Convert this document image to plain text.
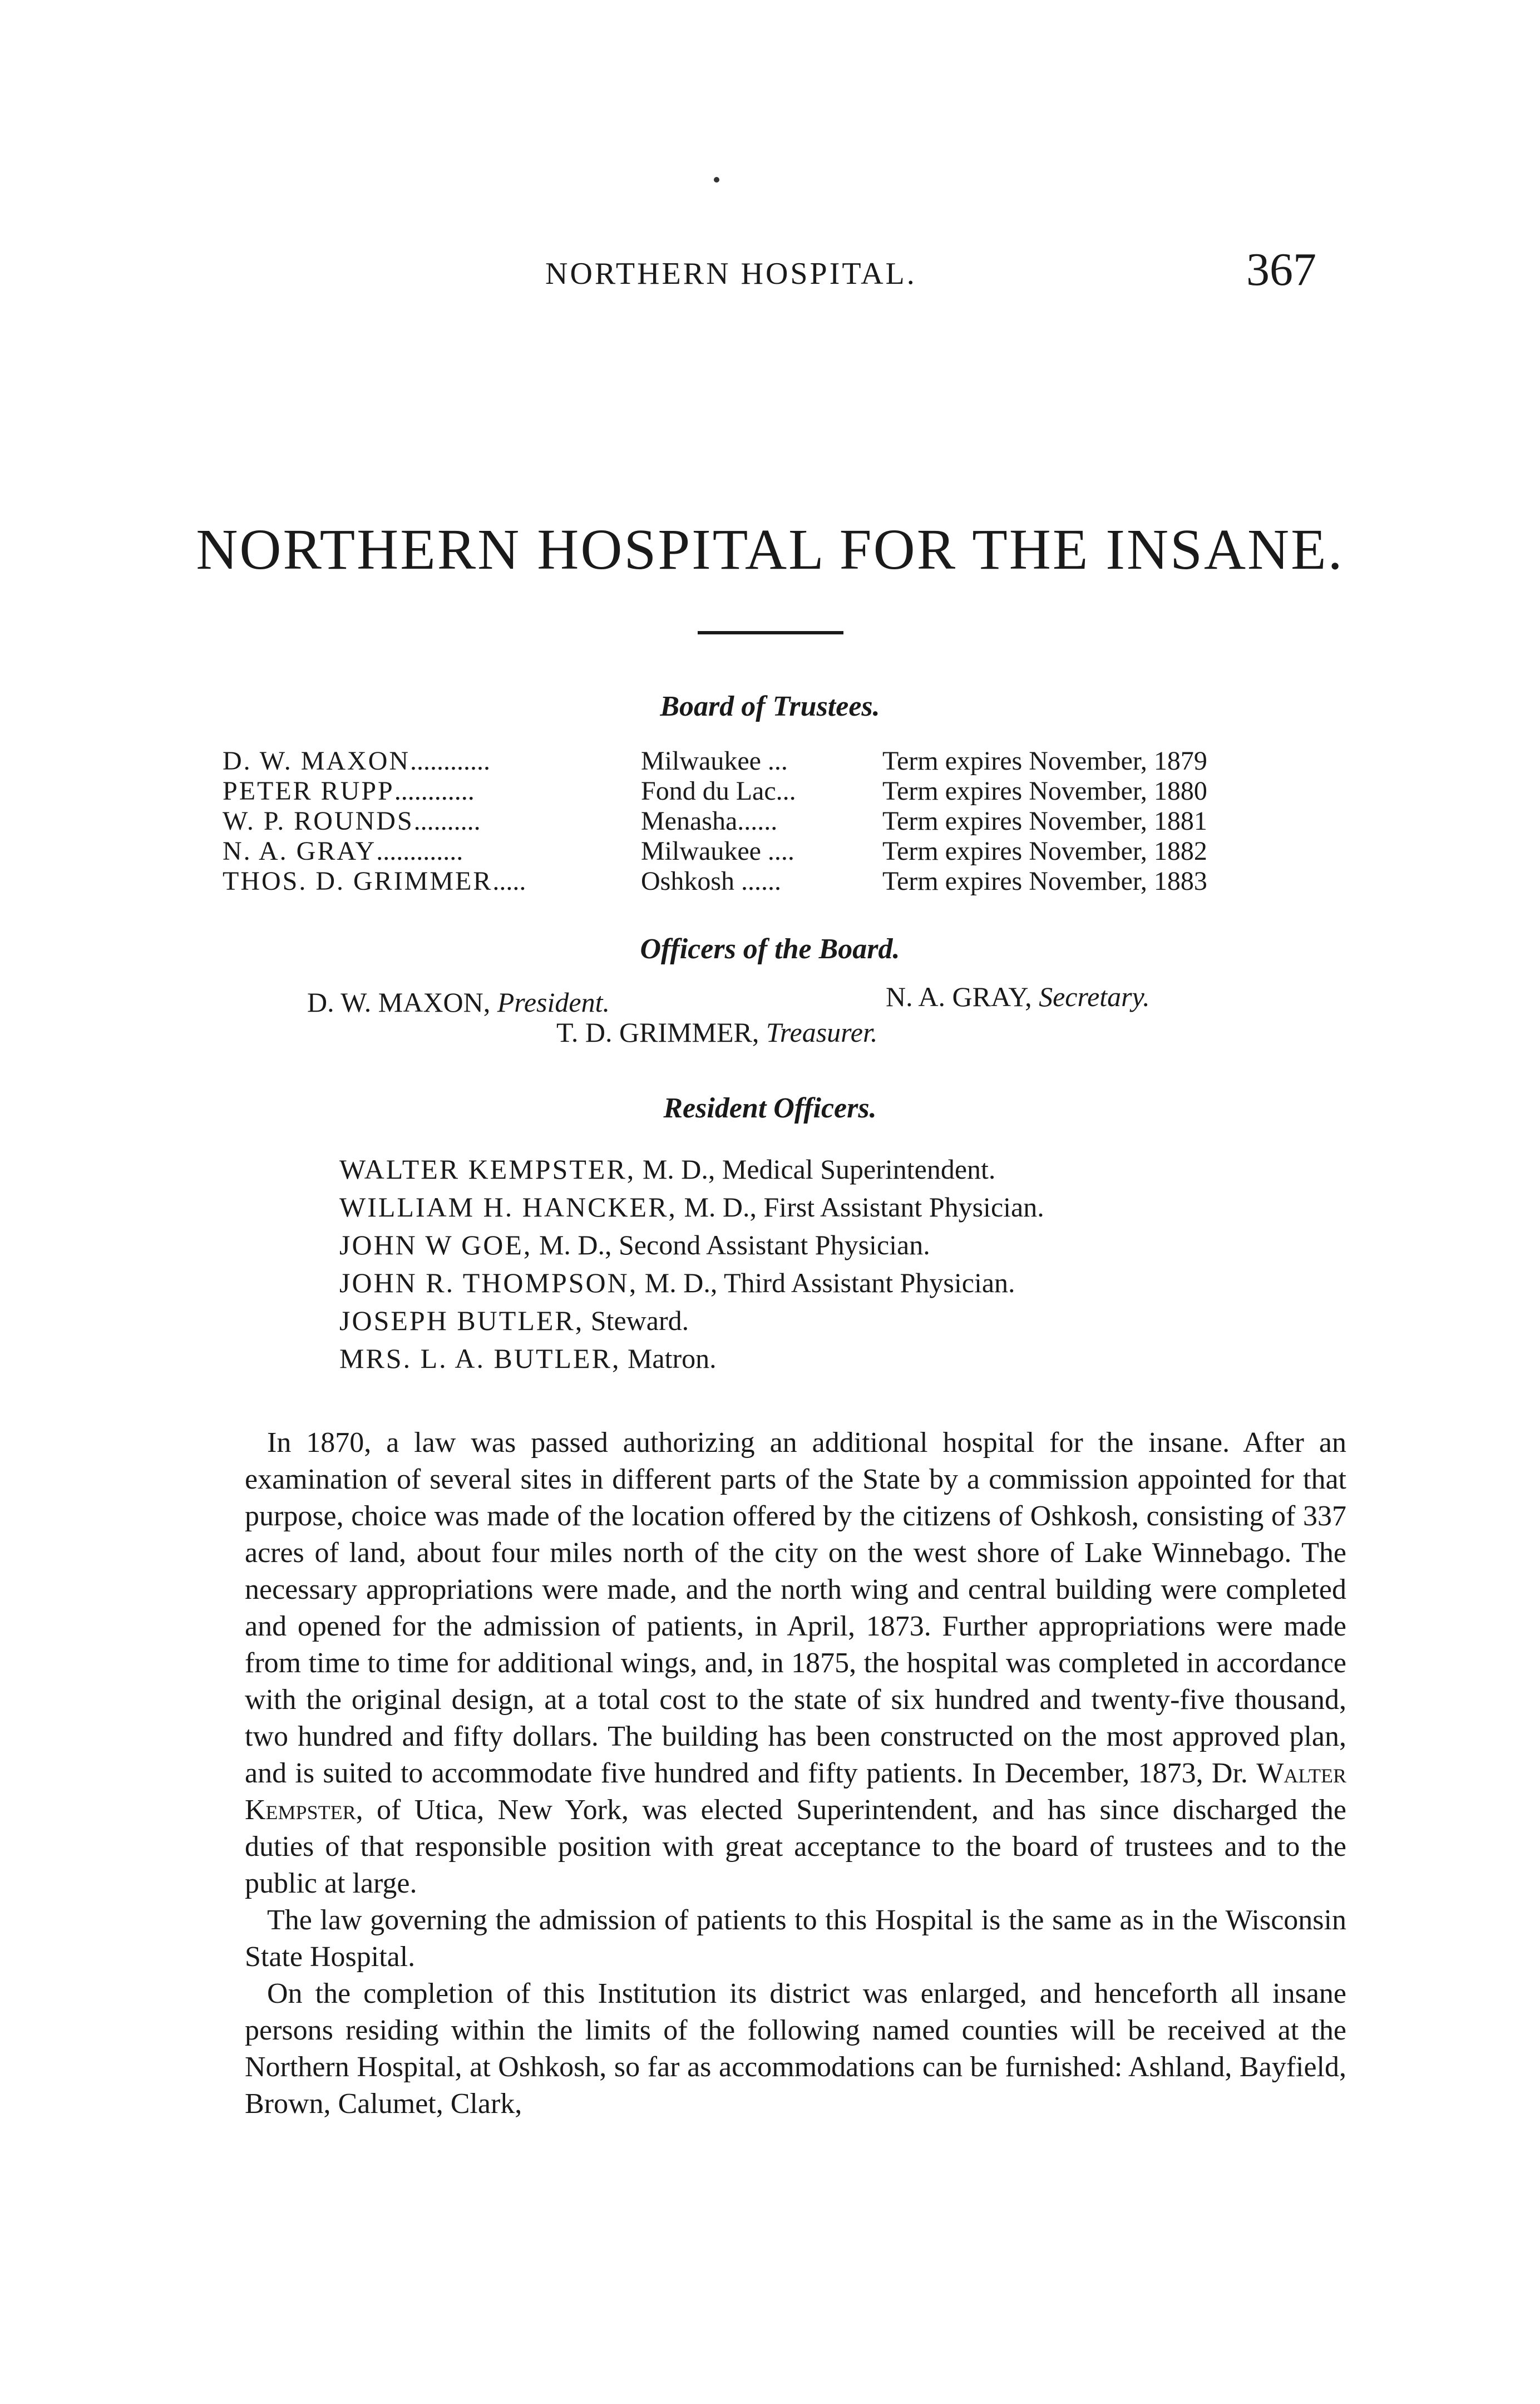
NORTHERN HOSPITAL.	367
NORTHERN HOSPITAL FOR THE INSANE.
Board of Trustees.
D. W. MAXON............	Milwaukee ...	Term expires November, 1879
PETER RUPP............	Fond du Lac...	Term expires November, 1880
W. P. ROUNDS..........	Menasha......	Term expires November, 1881
N. A. GRAY.............	Milwaukee ....	Term expires November, 1882
THOS. D. GRIMMER.....	Oshkosh ......	Term expires November, 1883
Officers of the Board.
D. W. MAXON, President.	N. A. GRAY, Secretary.
T. D. GRIMMER, Treasurer.
Resident Officers.
WALTER KEMPSTER, M. D., Medical Superintendent.
WILLIAM H. HANCKER, M. D., First Assistant Physician.
JOHN W GOE, M. D., Second Assistant Physician.
JOHN R. THOMPSON, M. D., Third Assistant Physician.
JOSEPH BUTLER, Steward.
MRS. L. A. BUTLER, Matron.

In 1870, a law was passed authorizing an additional hospital for the insane. After an examination of several sites in different parts of the State by a commission appointed for that purpose, choice was made of the location offered by the citizens of Oshkosh, consisting of 337 acres of land, about four miles north of the city on the west shore of Lake Winnebago. The necessary appropriations were made, and the north wing and central building were completed and opened for the admission of patients, in April, 1873. Further appropriations were made from time to time for additional wings, and, in 1875, the hospital was completed in accordance with the original design, at a total cost to the state of six hundred and twenty-five thousand, two hundred and fifty dollars. The building has been constructed on the most approved plan, and is suited to accommodate five hundred and fifty patients. In December, 1873, Dr. Walter Kempster, of Utica, New York, was elected Superintendent, and has since discharged the duties of that responsible position with great acceptance to the board of trustees and to the public at large.

The law governing the admission of patients to this Hospital is the same as in the Wisconsin State Hospital.

On the completion of this Institution its district was enlarged, and henceforth all insane persons residing within the limits of the following named counties will be received at the Northern Hospital, at Oshkosh, so far as accommodations can be furnished: Ashland, Bayfield, Brown, Calumet, Clark,
